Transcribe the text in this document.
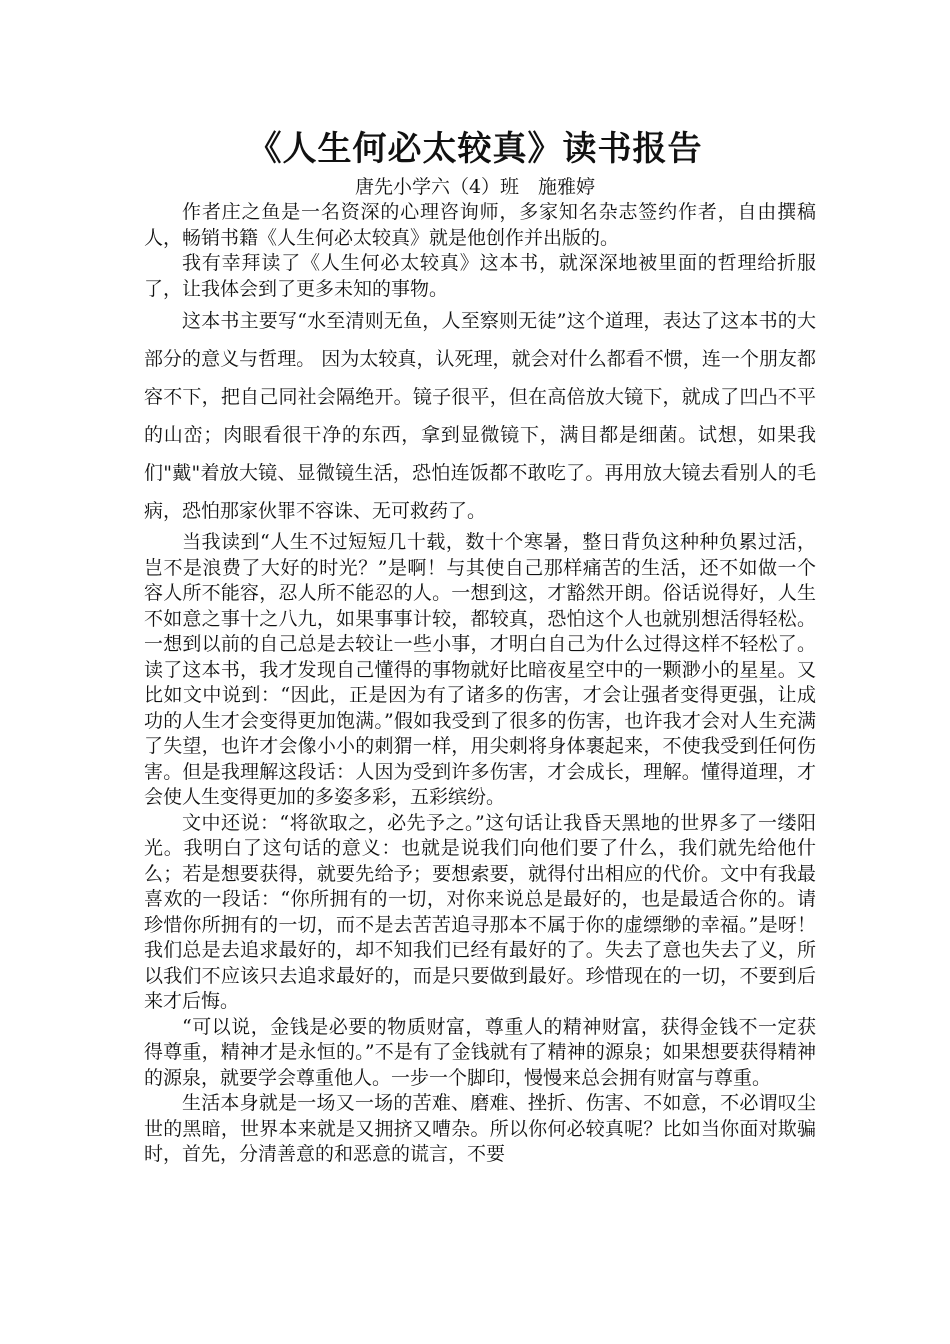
《人生何必太较真》读书报告
唐先小学六（4）班　施雅婷

作者庄之鱼是一名资深的心理咨询师，多家知名杂志签约作者，自由撰稿人，畅销书籍《人生何必太较真》就是他创作并出版的。

我有幸拜读了《人生何必太较真》这本书，就深深地被里面的哲理给折服了，让我体会到了更多未知的事物。

这本书主要写“水至清则无鱼，人至察则无徒”这个道理，表达了这本书的大部分的意义与哲理。 因为太较真，认死理，就会对什么都看不惯，连一个朋友都容不下，把自己同社会隔绝开。镜子很平，但在高倍放大镜下，就成了凹凸不平的山峦；肉眼看很干净的东西，拿到显微镜下，满目都是细菌。试想，如果我们"戴"着放大镜、显微镜生活，恐怕连饭都不敢吃了。再用放大镜去看别人的毛病，恐怕那家伙罪不容诛、无可救药了。

当我读到“人生不过短短几十载，数十个寒暑，整日背负这种种负累过活，岂不是浪费了大好的时光？”是啊！与其使自己那样痛苦的生活，还不如做一个容人所不能容，忍人所不能忍的人。一想到这，才豁然开朗。俗话说得好，人生不如意之事十之八九，如果事事计较，都较真，恐怕这个人也就别想活得轻松。一想到以前的自己总是去较让一些小事，才明白自己为什么过得这样不轻松了。读了这本书，我才发现自己懂得的事物就好比暗夜星空中的一颗渺小的星星。又比如文中说到：“因此，正是因为有了诸多的伤害，才会让强者变得更强，让成功的人生才会变得更加饱满。”假如我受到了很多的伤害，也许我才会对人生充满了失望，也许才会像小小的刺猬一样，用尖刺将身体裹起来，不使我受到任何伤害。但是我理解这段话：人因为受到许多伤害，才会成长，理解。懂得道理，才会使人生变得更加的多姿多彩，五彩缤纷。

文中还说：“将欲取之，必先予之。”这句话让我昏天黑地的世界多了一缕阳光。我明白了这句话的意义：也就是说我们向他们要了什么，我们就先给他什么；若是想要获得，就要先给予；要想索要，就得付出相应的代价。文中有我最喜欢的一段话：“你所拥有的一切，对你来说总是最好的，也是最适合你的。请珍惜你所拥有的一切，而不是去苦苦追寻那本不属于你的虚缥缈的幸福。”是呀！我们总是去追求最好的，却不知我们已经有最好的了。失去了意也失去了义，所以我们不应该只去追求最好的，而是只要做到最好。珍惜现在的一切，不要到后来才后悔。

“可以说，金钱是必要的物质财富，尊重人的精神财富，获得金钱不一定获得尊重，精神才是永恒的。”不是有了金钱就有了精神的源泉；如果想要获得精神的源泉，就要学会尊重他人。一步一个脚印，慢慢来总会拥有财富与尊重。

生活本身就是一场又一场的苦难、磨难、挫折、伤害、不如意，不必谓叹尘世的黑暗，世界本来就是又拥挤又嘈杂。所以你何必较真呢？比如当你面对欺骗时，首先，分清善意的和恶意的谎言，不要
